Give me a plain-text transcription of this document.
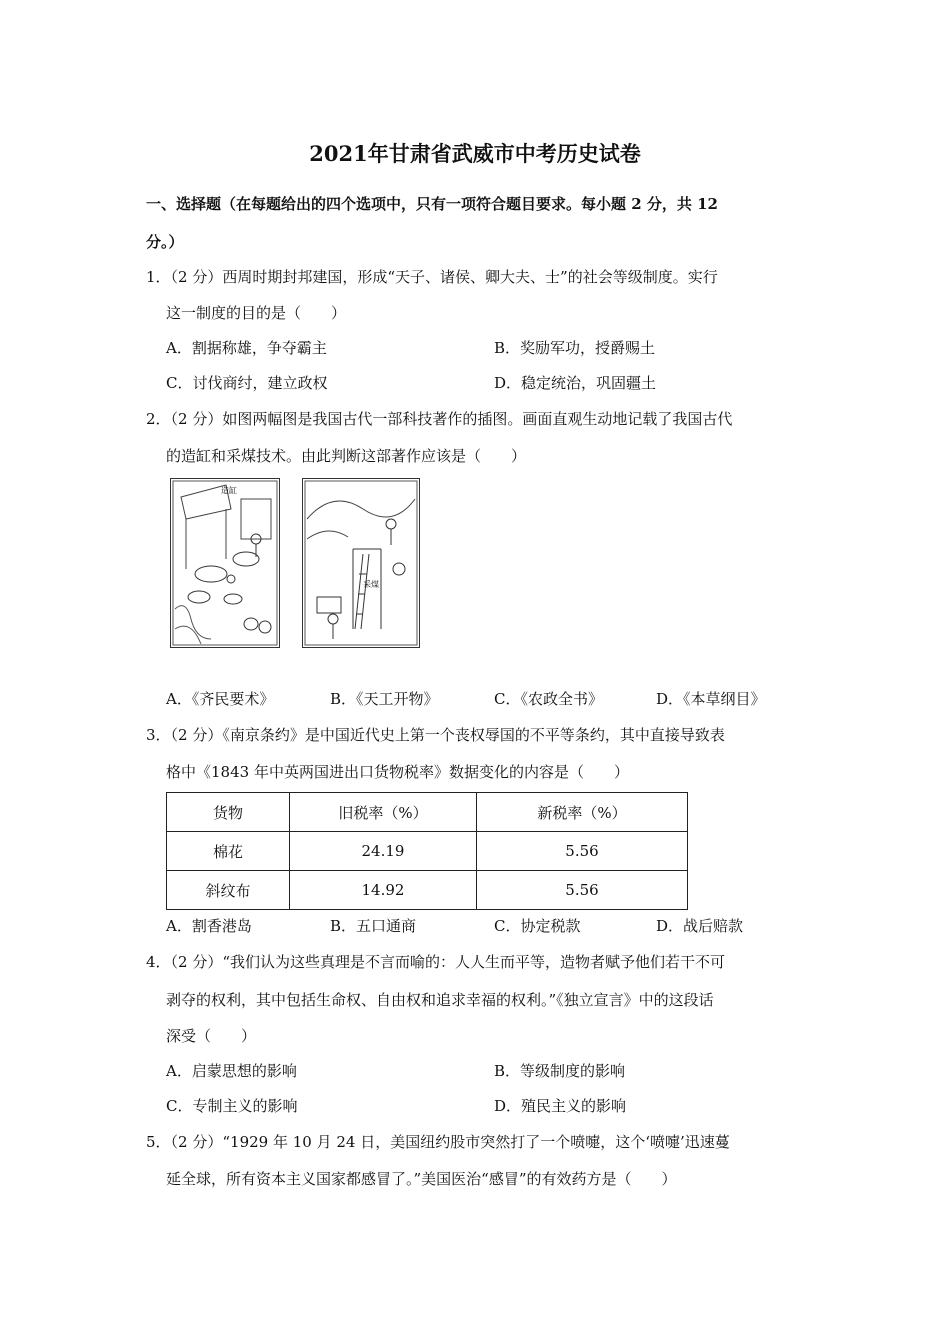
2021年甘肃省武威市中考历史试卷
一、选择题（在每题给出的四个选项中，只有一项符合题目要求。每小题 2 分，共 12
分。）
1．（2 分）西周时期封邦建国，形成“天子、诸侯、卿大夫、士”的社会等级制度。实行
这一制度的目的是（　　）
A．割据称雄，争夺霸主	B．奖励军功，授爵赐土
C．讨伐商纣，建立政权	D．稳定统治，巩固疆土
2．（2 分）如图两幅图是我国古代一部科技著作的插图。画面直观生动地记载了我国古代
的造缸和采煤技术。由此判断这部著作应该是（　　）
造缸
采煤
A．《齐民要术》	B．《天工开物》	C．《农政全书》	D．《本草纲目》
3．（2 分）《南京条约》是中国近代史上第一个丧权辱国的不平等条约，其中直接导致表
格中《1843 年中英两国进出口货物税率》数据变化的内容是（　　）
货物	旧税率（%）	新税率（%）
棉花	24.19	5.56
斜纹布	14.92	5.56
A．割香港岛	B．五口通商	C．协定税款	D．战后赔款
4．（2 分）“我们认为这些真理是不言而喻的：人人生而平等，造物者赋予他们若干不可
剥夺的权利，其中包括生命权、自由权和追求幸福的权利。”《独立宣言》中的这段话
深受（　　）
A．启蒙思想的影响	B．等级制度的影响
C．专制主义的影响	D．殖民主义的影响
5．（2 分）“1929 年 10 月 24 日，美国纽约股市突然打了一个喷嚏，这个‘喷嚏’迅速蔓
延全球，所有资本主义国家都感冒了。”美国医治“感冒”的有效药方是（　　）
